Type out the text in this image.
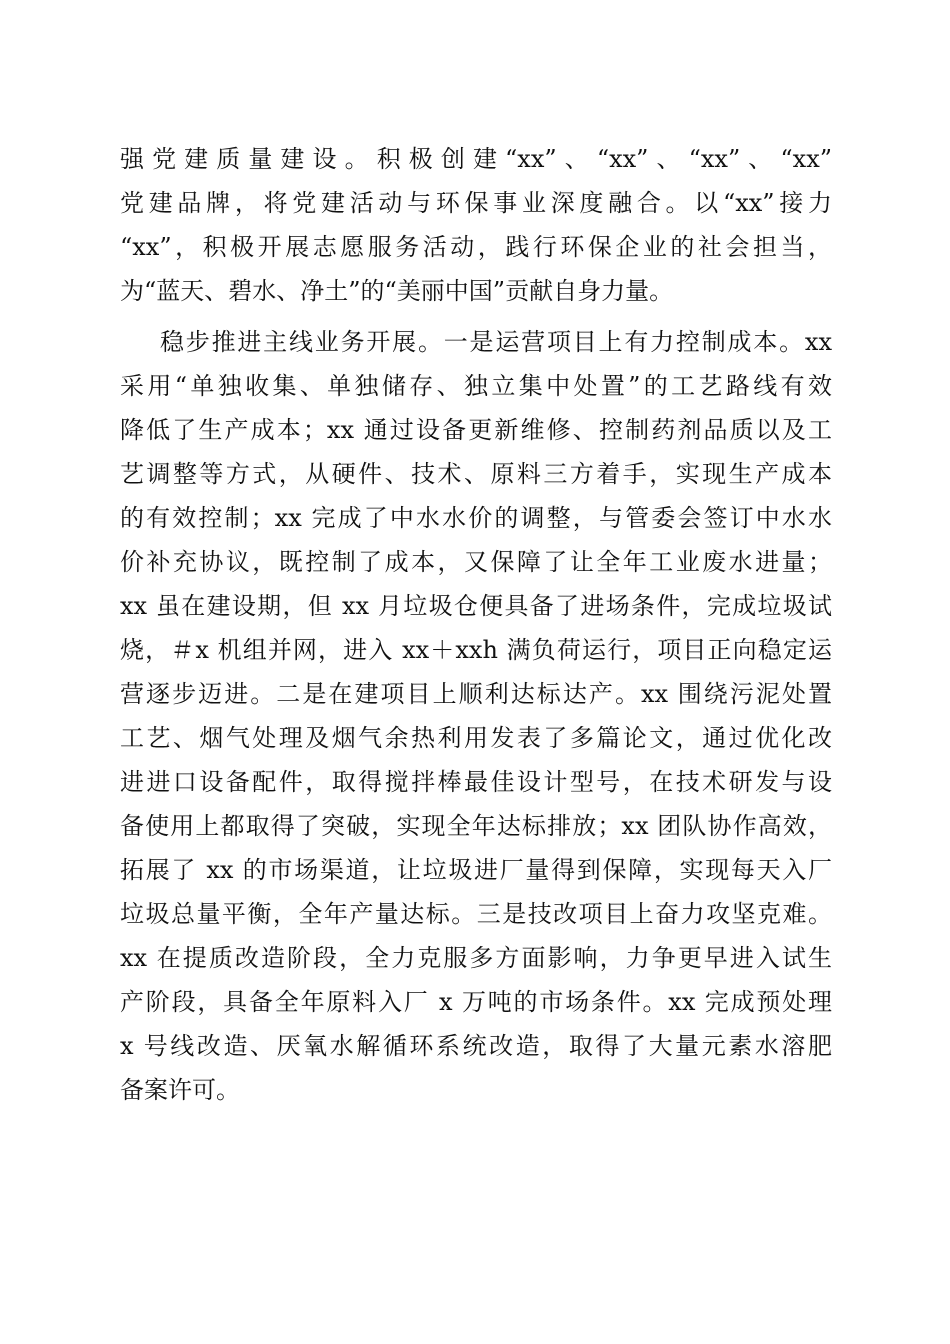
强党建质量建设。积极创建“xx”、“xx”、“xx”、“xx”
党建品牌，将党建活动与环保事业深度融合。以“xx”接力
“xx”，积极开展志愿服务活动，践行环保企业的社会担当，
为“蓝天、碧水、净土”的“美丽中国”贡献自身力量。
稳步推进主线业务开展。一是运营项目上有力控制成本。xx
采用“单独收集、单独储存、独立集中处置”的工艺路线有效
降低了生产成本；xx 通过设备更新维修、控制药剂品质以及工
艺调整等方式，从硬件、技术、原料三方着手，实现生产成本
的有效控制；xx 完成了中水水价的调整，与管委会签订中水水
价补充协议，既控制了成本，又保障了让全年工业废水进量；
xx 虽在建设期，但 xx 月垃圾仓便具备了进场条件，完成垃圾试
烧，＃x 机组并网，进入 xx＋xxh 满负荷运行，项目正向稳定运
营逐步迈进。二是在建项目上顺利达标达产。xx 围绕污泥处置
工艺、烟气处理及烟气余热利用发表了多篇论文，通过优化改
进进口设备配件，取得搅拌棒最佳设计型号，在技术研发与设
备使用上都取得了突破，实现全年达标排放；xx 团队协作高效，
拓展了 xx 的市场渠道，让垃圾进厂量得到保障，实现每天入厂
垃圾总量平衡，全年产量达标。三是技改项目上奋力攻坚克难。
xx 在提质改造阶段，全力克服多方面影响，力争更早进入试生
产阶段，具备全年原料入厂 x 万吨的市场条件。xx 完成预处理
x 号线改造、厌氧水解循环系统改造，取得了大量元素水溶肥
备案许可。
